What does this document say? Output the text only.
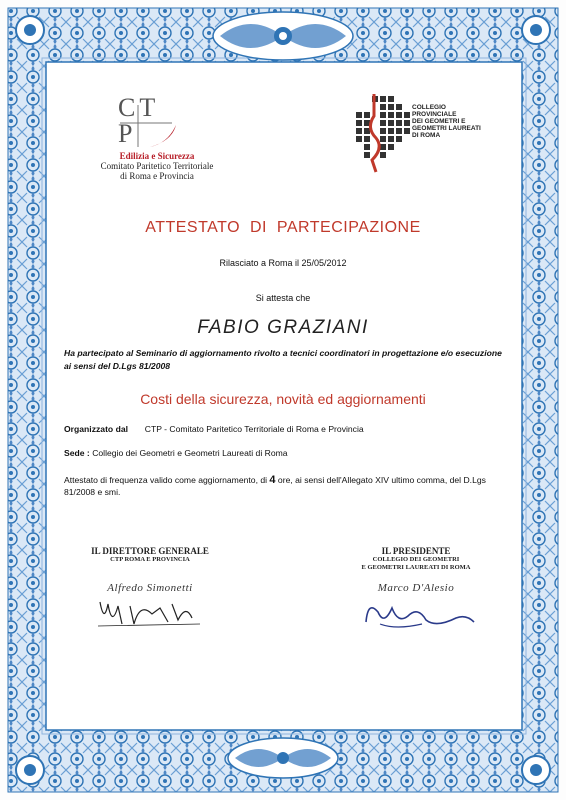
CT
P
Edilizia e Sicurezza
Comitato Paritetico Territoriale
di Roma e Provincia
COLLEGIO
PROVINCIALE
DEI GEOMETRI E
GEOMETRI LAUREATI
DI ROMA
ATTESTATO  DI  PARTECIPAZIONE
Rilasciato a Roma il 25/05/2012
Si attesta che
FABIO GRAZIANI
Ha partecipato al Seminario di aggiornamento rivolto a tecnici coordinatori in progettazione e/o esecuzione ai sensi del D.Lgs 81/2008
Costi della sicurezza, novità ed aggiornamenti
Organizzato dal CTP - Comitato Paritetico Territoriale di Roma e Provincia
Sede : Collegio dei Geometri e Geometri Laureati di Roma
Attestato di frequenza valido come aggiornamento, di 4 ore, ai sensi dell'Allegato XIV ultimo comma, del D.Lgs 81/2008 e smi.
IL DIRETTORE GENERALE
CTP ROMA E PROVINCIA
Alfredo Simonetti
IL PRESIDENTE
COLLEGIO DEI GEOMETRI
E GEOMETRI LAUREATI DI ROMA
Marco D'Alesio
